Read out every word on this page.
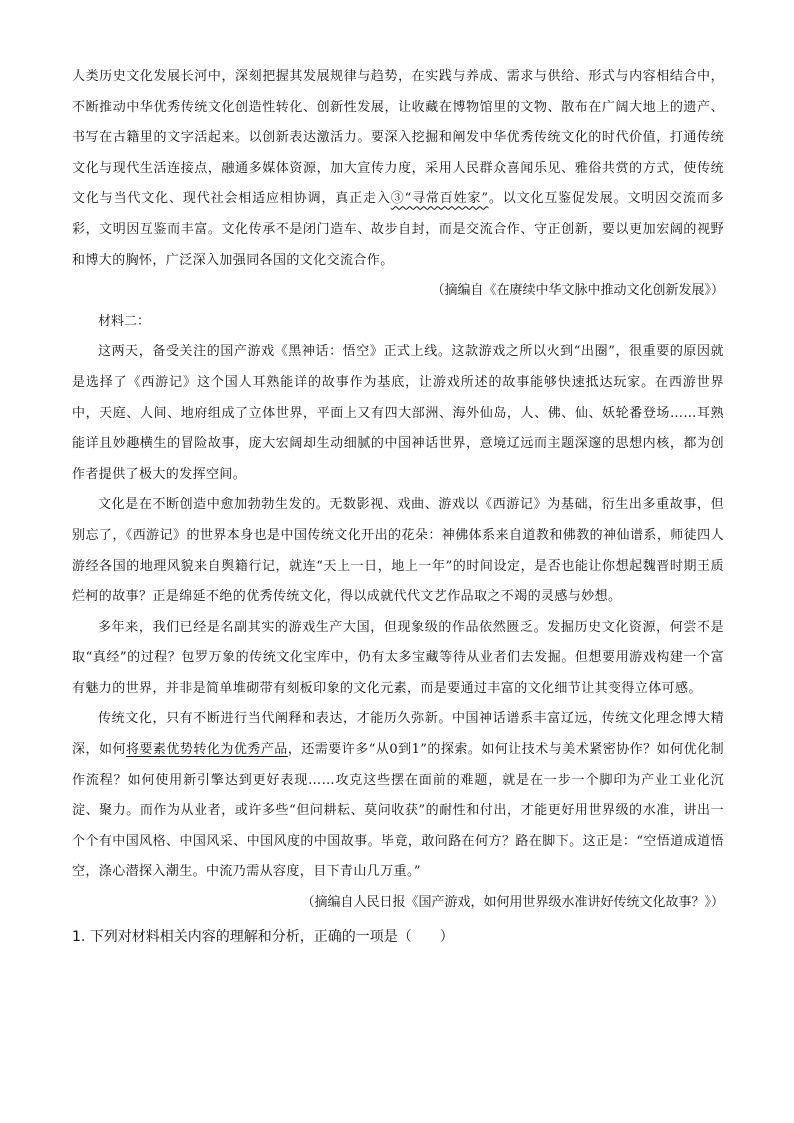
人类历史文化发展长河中，深刻把握其发展规律与趋势，在实践与养成、需求与供给、形式与内容相结合中，不断推动中华优秀传统文化创造性转化、创新性发展，让收藏在博物馆里的文物、散布在广阔大地上的遗产、书写在古籍里的文字活起来。以创新表达激活力。要深入挖掘和阐发中华优秀传统文化的时代价值，打通传统文化与现代生活连接点，融通多媒体资源，加大宣传力度，采用人民群众喜闻乐见、雅俗共赏的方式，使传统文化与当代文化、现代社会相适应相协调，真正走入③“寻常百姓家”。以文化互鉴促发展。文明因交流而多彩，文明因互鉴而丰富。文化传承不是闭门造车、故步自封，而是交流合作、守正创新，要以更加宏阔的视野和博大的胸怀，广泛深入加强同各国的文化交流合作。

（摘编自《在赓续中华文脉中推动文化创新发展》）

材料二：

这两天，备受关注的国产游戏《黑神话：悟空》正式上线。这款游戏之所以火到“出圈”，很重要的原因就是选择了《西游记》这个国人耳熟能详的故事作为基底，让游戏所述的故事能够快速抵达玩家。在西游世界中，天庭、人间、地府组成了立体世界，平面上又有四大部洲、海外仙岛，人、佛、仙、妖轮番登场……耳熟能详且妙趣横生的冒险故事，庞大宏阔却生动细腻的中国神话世界，意境辽远而主题深邃的思想内核，都为创作者提供了极大的发挥空间。

文化是在不断创造中愈加勃勃生发的。无数影视、戏曲、游戏以《西游记》为基础，衍生出多重故事，但别忘了，《西游记》的世界本身也是中国传统文化开出的花朵：神佛体系来自道教和佛教的神仙谱系，师徒四人游经各国的地理风貌来自舆籍行记，就连“天上一日，地上一年”的时间设定，是否也能让你想起魏晋时期王质烂柯的故事？正是绵延不绝的优秀传统文化，得以成就代代文艺作品取之不竭的灵感与妙想。

多年来，我们已经是名副其实的游戏生产大国，但现象级的作品依然匮乏。发掘历史文化资源，何尝不是取“真经”的过程？包罗万象的传统文化宝库中，仍有太多宝藏等待从业者们去发掘。但想要用游戏构建一个富有魅力的世界，并非是简单堆砌带有刻板印象的文化元素，而是要通过丰富的文化细节让其变得立体可感。

传统文化，只有不断进行当代阐释和表达，才能历久弥新。中国神话谱系丰富辽远，传统文化理念博大精深，如何将要素优势转化为优秀产品，还需要许多“从0到1”的探索。如何让技术与美术紧密协作？如何优化制作流程？如何使用新引擎达到更好表现……攻克这些摆在面前的难题，就是在一步一个脚印为产业工业化沉淀、聚力。而作为从业者，或许多些“但问耕耘、莫问收获”的耐性和付出，才能更好用世界级的水准，讲出一个个有中国风格、中国风采、中国风度的中国故事。毕竟，敢问路在何方？路在脚下。这正是：“空悟道成道悟空，涤心潜探入潮生。中流乃需从容度，目下青山几万重。”

（摘编自人民日报《国产游戏，如何用世界级水准讲好传统文化故事？》）

1. 下列对材料相关内容的理解和分析，正确的一项是（　　）
